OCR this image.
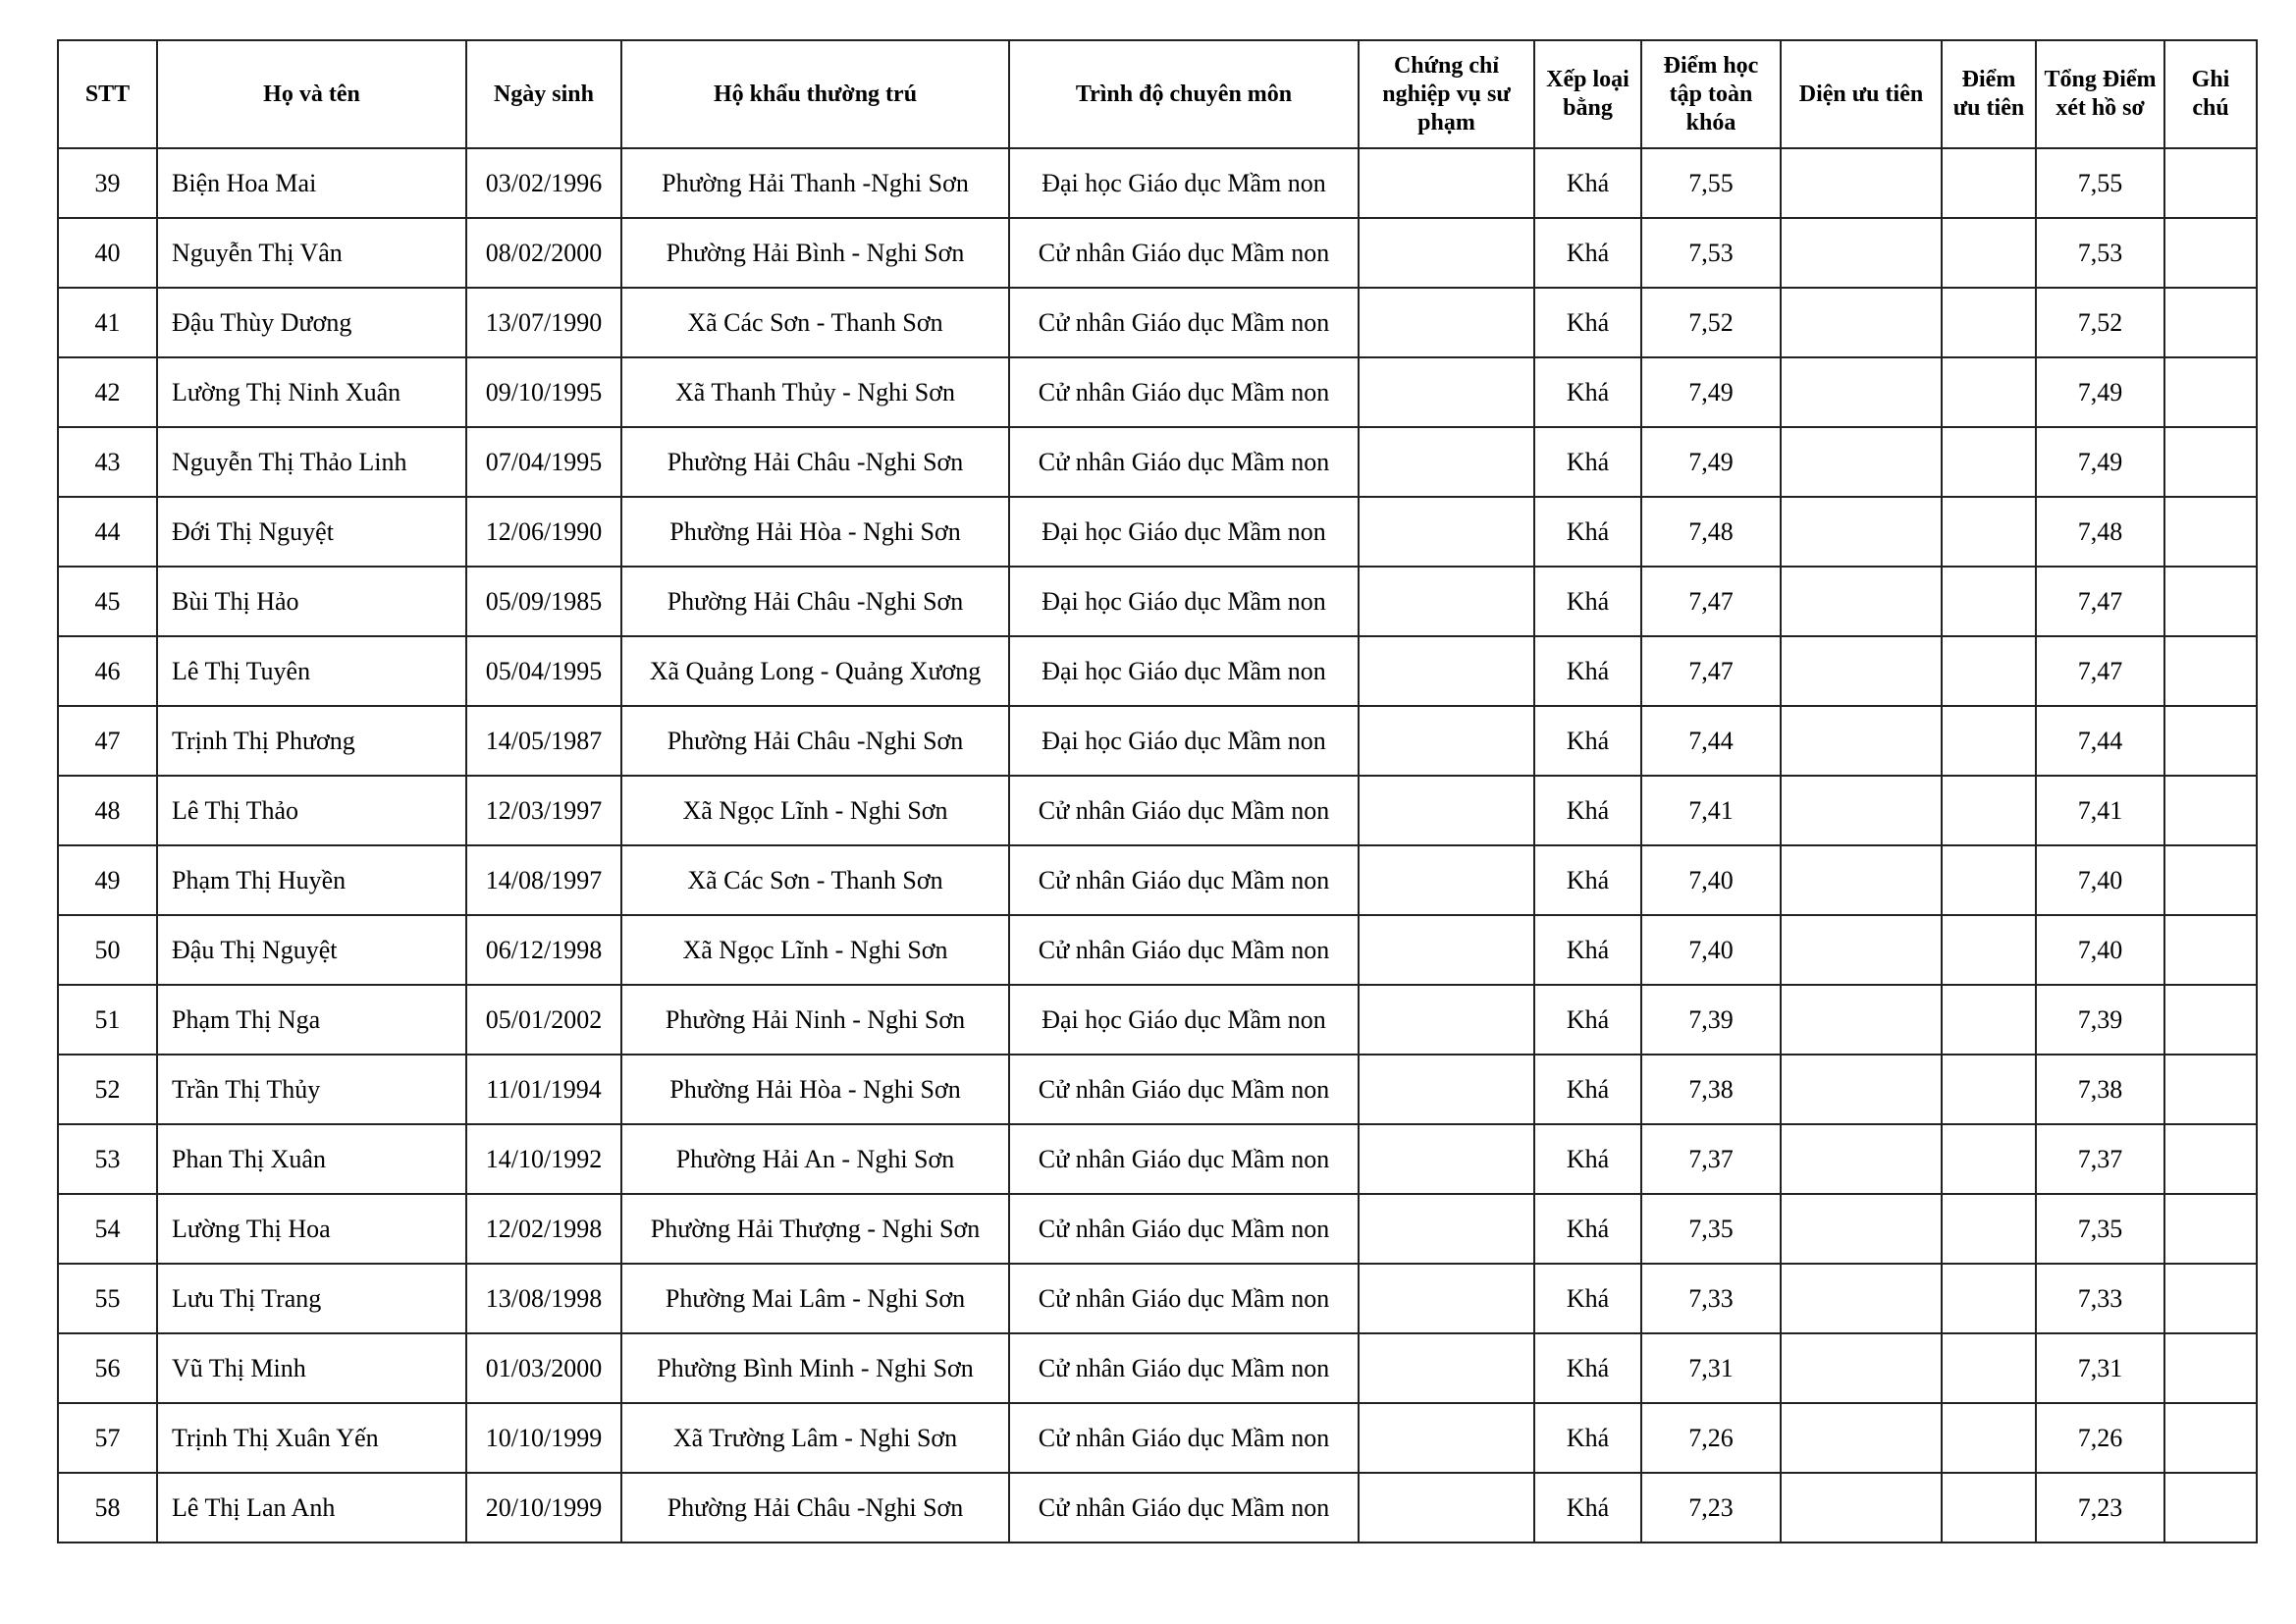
STT	Họ và tên	Ngày sinh	Hộ khẩu thường trú	Trình độ chuyên môn	Chứng chỉ nghiệp vụ sư phạm	Xếp loại bằng	Điểm học tập toàn khóa	Diện ưu tiên	Điểm ưu tiên	Tổng Điểm xét hồ sơ	Ghi chú
39	Biện Hoa Mai	03/02/1996	Phường Hải Thanh -Nghi Sơn	Đại học Giáo dục Mầm non		Khá	7,55			7,55	
40	Nguyễn Thị Vân	08/02/2000	Phường Hải Bình - Nghi Sơn	Cử nhân Giáo dục Mầm non		Khá	7,53			7,53	
41	Đậu Thùy Dương	13/07/1990	Xã Các Sơn - Thanh Sơn	Cử nhân Giáo dục Mầm non		Khá	7,52			7,52	
42	Lường Thị Ninh Xuân	09/10/1995	Xã Thanh Thủy - Nghi Sơn	Cử nhân Giáo dục Mầm non		Khá	7,49			7,49	
43	Nguyễn Thị Thảo Linh	07/04/1995	Phường Hải Châu -Nghi Sơn	Cử nhân Giáo dục Mầm non		Khá	7,49			7,49	
44	Đới Thị Nguyệt	12/06/1990	Phường Hải Hòa - Nghi Sơn	Đại học Giáo dục Mầm non		Khá	7,48			7,48	
45	Bùi Thị Hảo	05/09/1985	Phường Hải Châu -Nghi Sơn	Đại học Giáo dục Mầm non		Khá	7,47			7,47	
46	Lê Thị Tuyên	05/04/1995	Xã Quảng Long - Quảng Xương	Đại học Giáo dục Mầm non		Khá	7,47			7,47	
47	Trịnh Thị Phương	14/05/1987	Phường Hải Châu -Nghi Sơn	Đại học Giáo dục Mầm non		Khá	7,44			7,44	
48	Lê Thị Thảo	12/03/1997	Xã Ngọc Lĩnh - Nghi Sơn	Cử nhân Giáo dục Mầm non		Khá	7,41			7,41	
49	Phạm Thị Huyền	14/08/1997	Xã Các Sơn - Thanh Sơn	Cử nhân Giáo dục Mầm non		Khá	7,40			7,40	
50	Đậu Thị Nguyệt	06/12/1998	Xã Ngọc Lĩnh - Nghi Sơn	Cử nhân Giáo dục Mầm non		Khá	7,40			7,40	
51	Phạm Thị Nga	05/01/2002	Phường Hải Ninh - Nghi Sơn	Đại học Giáo dục Mầm non		Khá	7,39			7,39	
52	Trần Thị Thủy	11/01/1994	Phường Hải Hòa - Nghi Sơn	Cử nhân Giáo dục Mầm non		Khá	7,38			7,38	
53	Phan Thị Xuân	14/10/1992	Phường Hải An - Nghi Sơn	Cử nhân Giáo dục Mầm non		Khá	7,37			7,37	
54	Lường Thị Hoa	12/02/1998	Phường Hải Thượng - Nghi Sơn	Cử nhân Giáo dục Mầm non		Khá	7,35			7,35	
55	Lưu Thị Trang	13/08/1998	Phường Mai Lâm - Nghi Sơn	Cử nhân Giáo dục Mầm non		Khá	7,33			7,33	
56	Vũ Thị Minh	01/03/2000	Phường Bình Minh - Nghi Sơn	Cử nhân Giáo dục Mầm non		Khá	7,31			7,31	
57	Trịnh Thị Xuân Yến	10/10/1999	Xã Trường Lâm - Nghi Sơn	Cử nhân Giáo dục Mầm non		Khá	7,26			7,26	
58	Lê Thị Lan Anh	20/10/1999	Phường Hải Châu -Nghi Sơn	Cử nhân Giáo dục Mầm non		Khá	7,23			7,23	
